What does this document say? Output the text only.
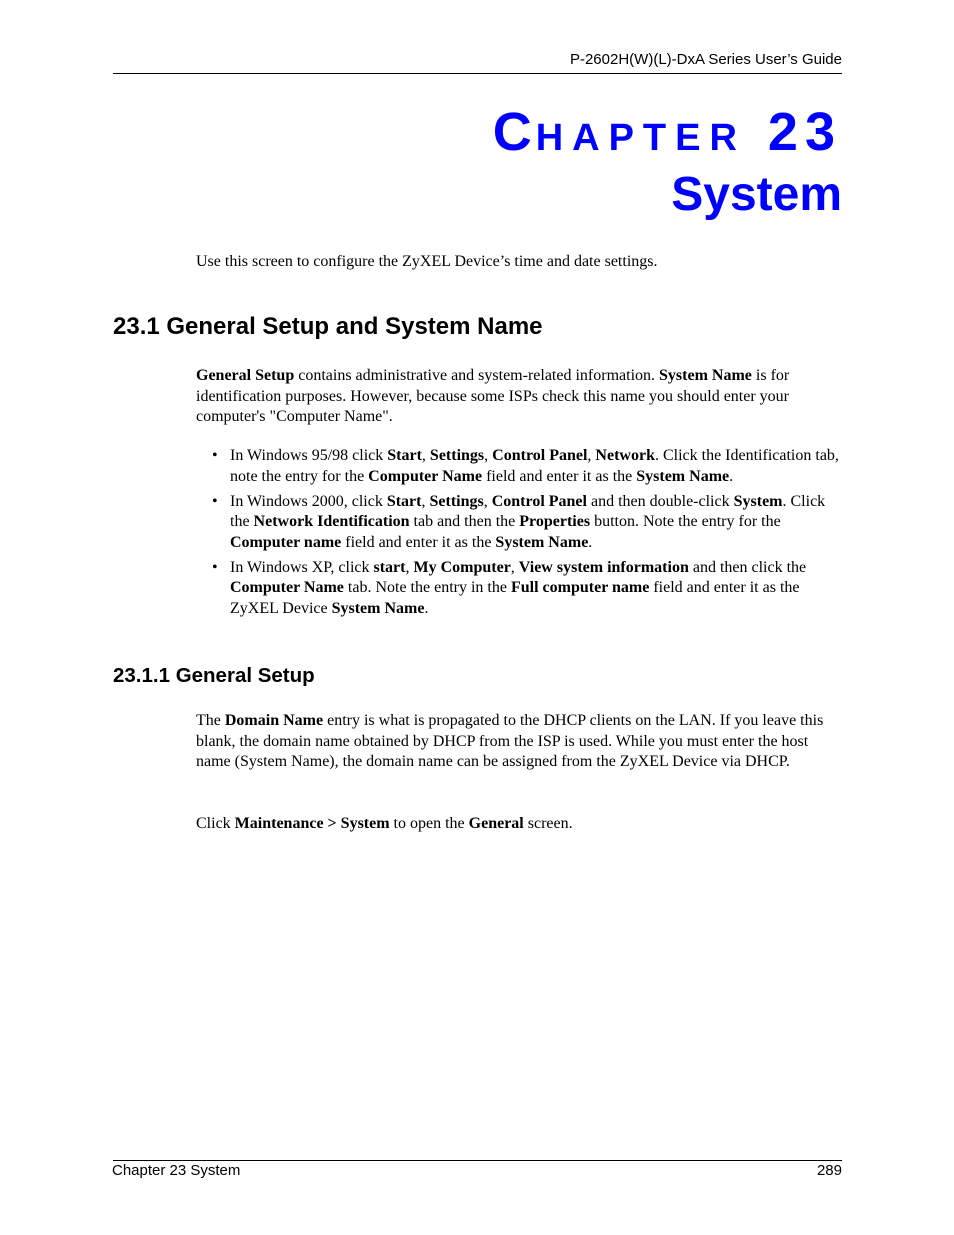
P-2602H(W)(L)-DxA Series User’s Guide
CHAPTER 23
System
Use this screen to configure the ZyXEL Device’s time and date settings.
23.1 General Setup and System Name
General Setup contains administrative and system-related information. System Name is for identification purposes. However, because some ISPs check this name you should enter your computer's "Computer Name".
• In Windows 95/98 click Start, Settings, Control Panel, Network. Click the Identification tab, note the entry for the Computer Name field and enter it as the System Name.
• In Windows 2000, click Start, Settings, Control Panel and then double-click System. Click the Network Identification tab and then the Properties button. Note the entry for the Computer name field and enter it as the System Name.
• In Windows XP, click start, My Computer, View system information and then click the Computer Name tab. Note the entry in the Full computer name field and enter it as the ZyXEL Device System Name.
23.1.1 General Setup
The Domain Name entry is what is propagated to the DHCP clients on the LAN. If you leave this blank, the domain name obtained by DHCP from the ISP is used. While you must enter the host name (System Name), the domain name can be assigned from the ZyXEL Device via DHCP.
Click Maintenance > System to open the General screen.
Chapter 23 System	289
